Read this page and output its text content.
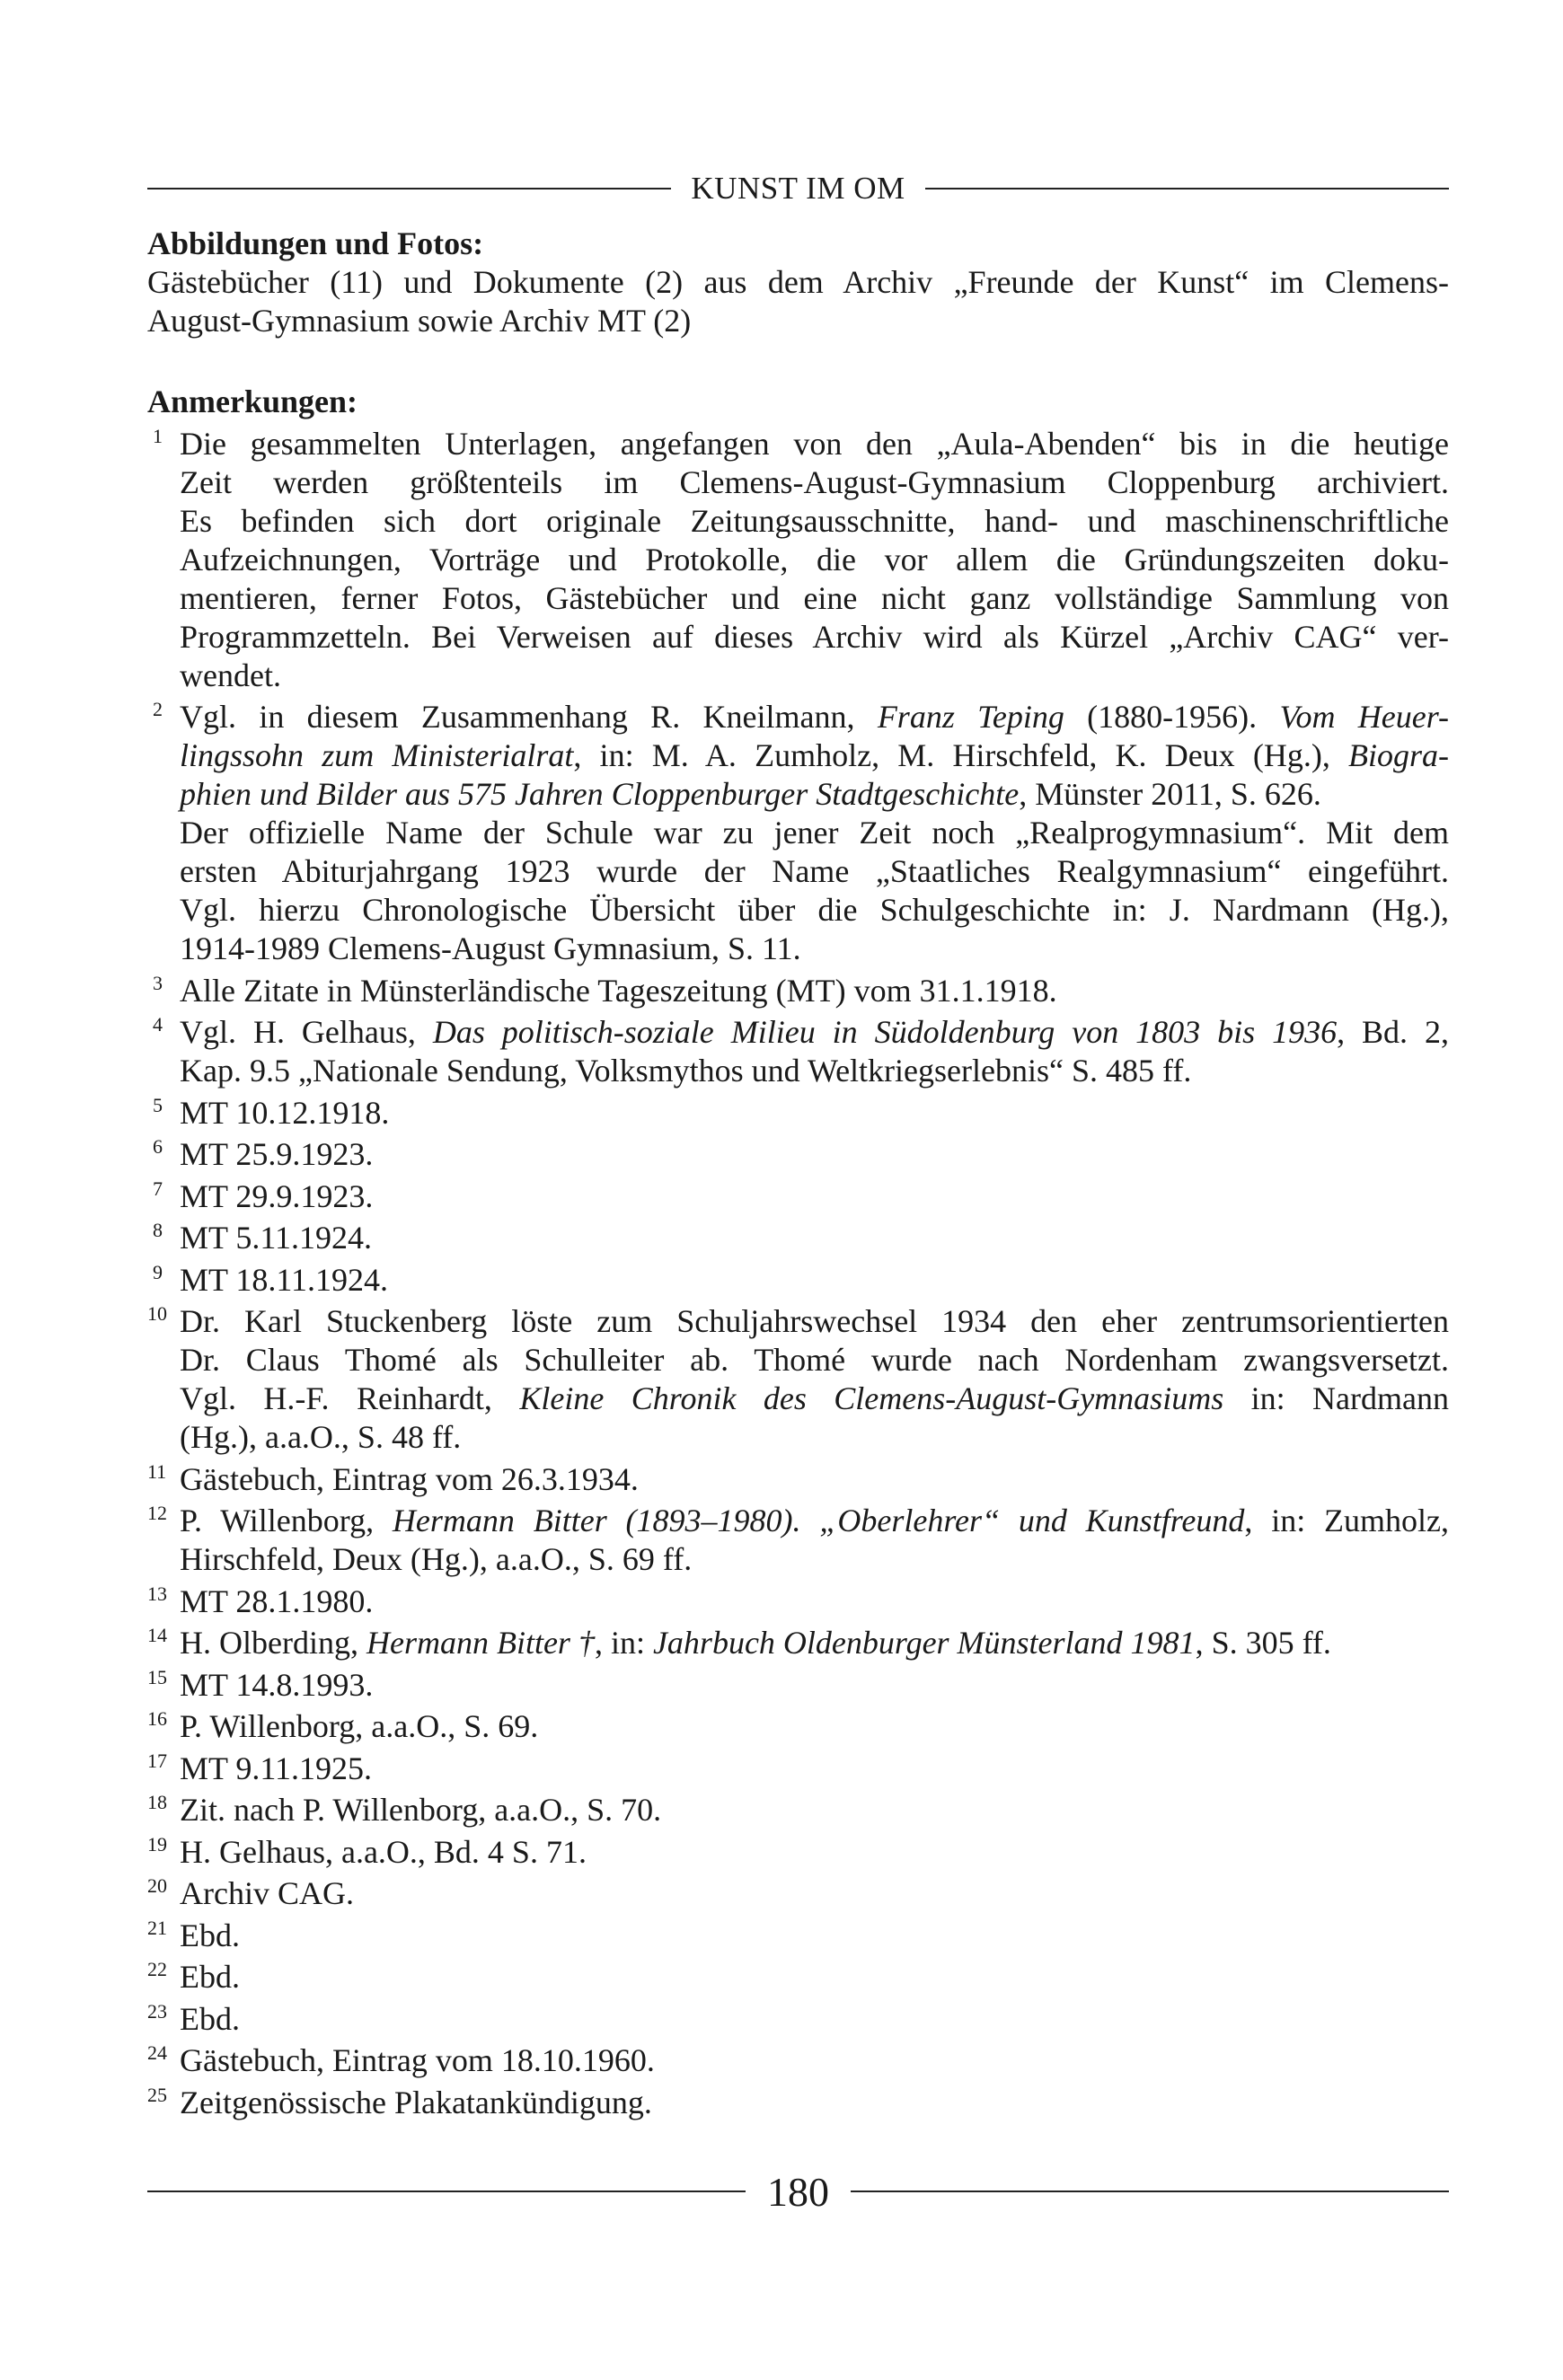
KUNST IM OM
Abbildungen und Fotos:
Gästebücher (11) und Dokumente (2) aus dem Archiv „Freunde der Kunst“ im Clemens-
August-Gymnasium sowie Archiv MT (2)
Anmerkungen:
1 Die gesammelten Unterlagen, angefangen von den „Aula-Abenden“ bis in die heutige
Zeit werden größtenteils im Clemens-August-Gymnasium Cloppenburg archiviert.
Es befinden sich dort originale Zeitungsausschnitte, hand- und maschinenschriftliche
Aufzeichnungen, Vorträge und Protokolle, die vor allem die Gründungszeiten doku-
mentieren, ferner Fotos, Gästebücher und eine nicht ganz vollständige Sammlung von
Programmzetteln. Bei Verweisen auf dieses Archiv wird als Kürzel „Archiv CAG“ ver-
wendet.
2 Vgl. in diesem Zusammenhang R. Kneilmann, Franz Teping (1880-1956). Vom Heuer-
lingssohn zum Ministerialrat, in: M. A. Zumholz, M. Hirschfeld, K. Deux (Hg.), Biogra-
phien und Bilder aus 575 Jahren Cloppenburger Stadtgeschichte, Münster 2011, S. 626.
Der offizielle Name der Schule war zu jener Zeit noch „Realprogymnasium“. Mit dem
ersten Abiturjahrgang 1923 wurde der Name „Staatliches Realgymnasium“ eingeführt.
Vgl. hierzu Chronologische Übersicht über die Schulgeschichte in: J. Nardmann (Hg.),
1914-1989 Clemens-August Gymnasium, S. 11.
3 Alle Zitate in Münsterländische Tageszeitung (MT) vom 31.1.1918.
4 Vgl. H. Gelhaus, Das politisch-soziale Milieu in Südoldenburg von 1803 bis 1936, Bd. 2,
Kap. 9.5 „Nationale Sendung, Volksmythos und Weltkriegserlebnis“ S. 485 ff.
5 MT 10.12.1918.
6 MT 25.9.1923.
7 MT 29.9.1923.
8 MT 5.11.1924.
9 MT 18.11.1924.
10 Dr. Karl Stuckenberg löste zum Schuljahrswechsel 1934 den eher zentrumsorientierten
Dr. Claus Thomé als Schulleiter ab. Thomé wurde nach Nordenham zwangsversetzt.
Vgl. H.-F. Reinhardt, Kleine Chronik des Clemens-August-Gymnasiums in: Nardmann
(Hg.), a.a.O., S. 48 ff.
11 Gästebuch, Eintrag vom 26.3.1934.
12 P. Willenborg, Hermann Bitter (1893–1980). „Oberlehrer“ und Kunstfreund, in: Zumholz,
Hirschfeld, Deux (Hg.), a.a.O., S. 69 ff.
13 MT 28.1.1980.
14 H. Olberding, Hermann Bitter †, in: Jahrbuch Oldenburger Münsterland 1981, S. 305 ff.
15 MT 14.8.1993.
16 P. Willenborg, a.a.O., S. 69.
17 MT 9.11.1925.
18 Zit. nach P. Willenborg, a.a.O., S. 70.
19 H. Gelhaus, a.a.O., Bd. 4 S. 71.
20 Archiv CAG.
21 Ebd.
22 Ebd.
23 Ebd.
24 Gästebuch, Eintrag vom 18.10.1960.
25 Zeitgenössische Plakatankündigung.
180
